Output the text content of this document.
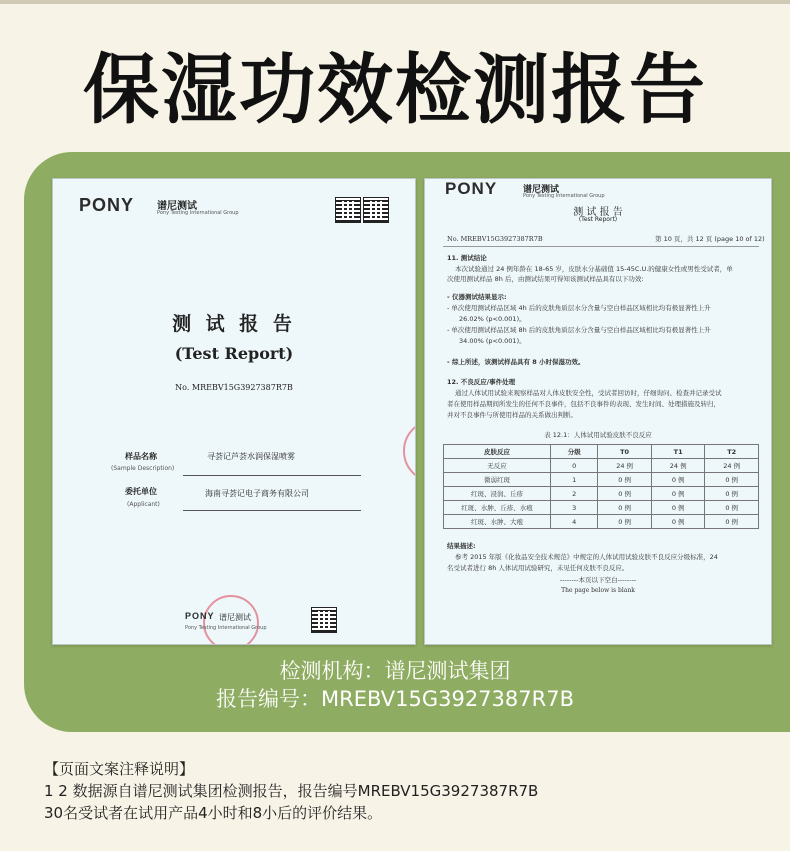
保湿功效检测报告
PONY 谱尼测试
Pony Testing International Group
测 试 报 告
(Test Report)
No. MREBV15G3927387R7B
样品名称
(Sample Description)
寻荟记芦荟水润保湿喷雾
委托单位
(Applicant)
海南寻荟记电子商务有限公司
PONY 谱尼测试
Pony Testing International Group
PONY	谱尼测试
Pony Testing International Group
测 试 报 告
(Test Report)
No. MREBV15G3927387R7B	第 10 页，共 12 页 (page 10 of 12)
11. 测试结论
本次试验通过 24 例年龄在 18-65 岁，皮肤水分基础值 15-45C.U.的健康女性或男性受试者，单
次使用测试样品 8h 后，由测试结果可得知该测试样品具有以下功效:
- 仪器测试结果显示:
- 单次使用测试样品区域 4h 后的皮肤角质层水分含量与空白样品区域相比均有极显著性上升
26.02% (p<0.001)。
- 单次使用测试样品区域 8h 后的皮肤角质层水分含量与空白样品区域相比均有极显著性上升
34.00% (p<0.001)。
- 综上所述，该测试样品具有 8 小时保湿功效。
12. 不良反应/事件处理
通过人体试用试验来观察样品对人体皮肤安全性，受试者回访时，仔细询问、检查并记录受试
者在使用样品期间所发生的任何不良事件，包括不良事件的表现、发生时间、处理措施及转归，
并对不良事件与所使用样品的关系做出判断。
表 12.1：人体试用试验皮肤不良反应
皮肤反应	分级	T0	T1	T2
无反应	0	24 例	24 例	24 例
微弱红斑	1	0 例	0 例	0 例
红斑、浸润、丘疹	2	0 例	0 例	0 例
红斑、水肿、丘疹、水疱	3	0 例	0 例	0 例
红斑、水肿、大疱	4	0 例	0 例	0 例
结果描述:
参考 2015 年版《化妆品安全技术规范》中规定的人体试用试验皮肤不良反应分级标准，24
名受试者进行 8h 人体试用试验研究，未见任何皮肤不良反应。
--------本页以下空白--------
The page below is blank
检测机构：谱尼测试集团
报告编号：MREBV15G3927387R7B
【页面文案注释说明】
1 2 数据源自谱尼测试集团检测报告，报告编号MREBV15G3927387R7B
30名受试者在试用产品4小时和8小后的评价结果。
